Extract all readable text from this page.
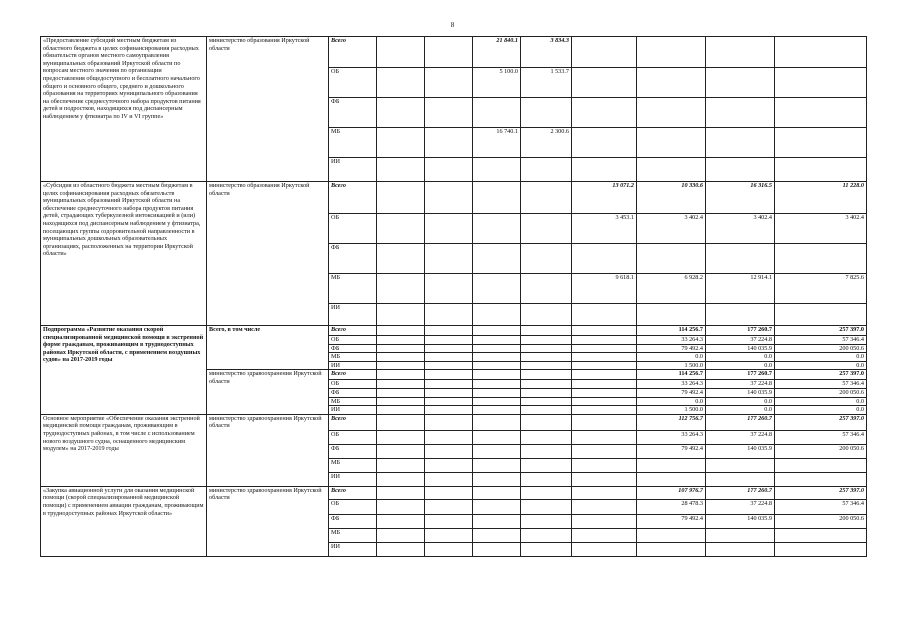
8
«Предоставление субсидий местным бюджетам из областного бюджета в целях софинансирования расходных обязательств органов местного самоуправления муниципальных образований Иркутской области по вопросам местного значения по организации предоставления общедоступного и бесплатного начального общего и основного общего, среднего и дошкольного образования на территориях муниципального образования на обеспечение среднесуточного набора продуктов питания детей и подростков, находящихся под диспансерным наблюдением у фтизиатра по IV и VI группе»	министерство образования Иркутской области	Всего			21 840.1	3 834.3					
		ОБ			5 100.0	1 533.7					
		ФБ									
		МБ			16 740.1	2 300.6					
		ИИ									
«Субсидия из областного бюджета местным бюджетам в целях софинансирования расходных обязательств муниципальных образований Иркутской области на обеспечение среднесуточного набора продуктов питания детей, страдающих туберкулезной интоксикацией и (или) находящихся под диспансерным наблюдением у фтизиатра, посещающих группы оздоровительной направленности в муниципальных дошкольных образовательных организациях, расположенных на территории Иркутской области»	министерство образования Иркутской области	Всего					13 071.2	10 330.6	16 316.5	11 228.0	
		ОБ					3 453.1	3 402.4	3 402.4	3 402.4	
		ФБ									
		МБ					9 618.1	6 928.2	12 914.1	7 825.6	
		ИИ									
Подпрограмма «Развитие оказания скорой специализированной медицинской помощи в экстренной форме гражданам, проживающим в труднодоступных районах Иркутской области, с применением воздушных судов» на 2017-2019 годы	Всего, в том числе	Всего						114 256.7	177 260.7	257 397.0	
		ОБ						33 264.3	37 224.8	57 346.4	
		ФБ						79 492.4	140 035.9	200 050.6	
		МБ						0.0	0.0	0.0	
		ИИ						1 500.0	0.0	0.0	
	министерство здравоохранения Иркутской области	Всего						114 256.7	177 260.7	257 397.0	
		ОБ						33 264.3	37 224.8	57 346.4	
		ФБ						79 492.4	140 035.9	200 050.6	
		МБ						0.0	0.0	0.0	
		ИИ						1 500.0	0.0	0.0	
Основное мероприятие «Обеспечение оказания экстренной медицинской помощи гражданам, проживающим в труднодоступных районах, в том числе с использованием нового воздушного судна, оснащенного медицинским модулем» на 2017-2019 годы	министерство здравоохранения Иркутской области	Всего						112 756.7	177 260.7	257 397.0	
		ОБ						33 264.3	37 224.8	57 346.4	
		ФБ						79 492.4	140 035.9	200 050.6	
		МБ									
		ИИ									
«Закупка авиационной услуги для оказания медицинской помощи (скорой специализированной медицинской помощи) с применением авиации гражданам, проживающим в труднодоступных районах Иркутской области»	министерство здравоохранения Иркутской области	Всего						107 976.7	177 260.7	257 397.0	
		ОБ						28 478.3	37 224.8	57 346.4	
		ФБ						79 492.4	140 035.9	200 050.6	
		МБ									
		ИИ									
